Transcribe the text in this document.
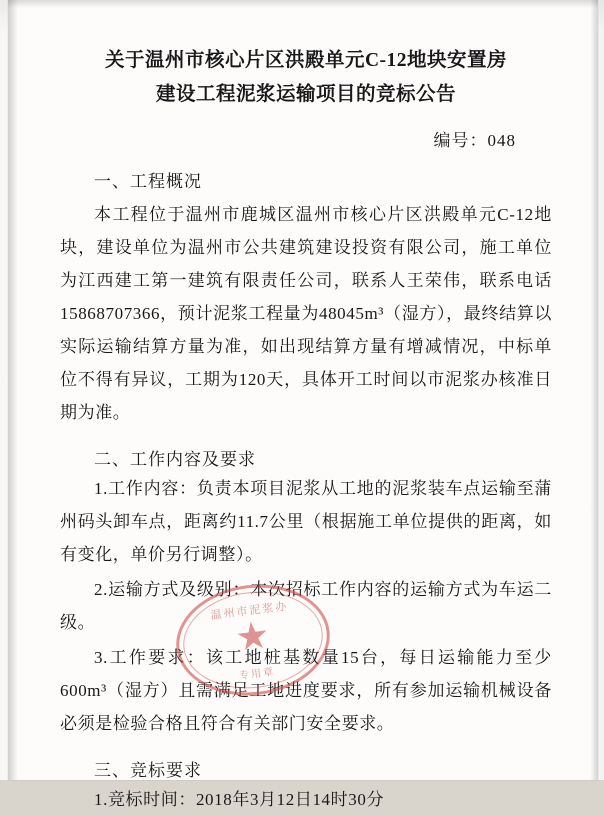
关于温州市核心片区洪殿单元C-12地块安置房
建设工程泥浆运输项目的竞标公告
编号：048
一、工程概况

本工程位于温州市鹿城区温州市核心片区洪殿单元C-12地块，建设单位为温州市公共建筑建设投资有限公司，施工单位为江西建工第一建筑有限责任公司，联系人王荣伟，联系电话15868707366，预计泥浆工程量为48045m³（湿方），最终结算以实际运输结算方量为准，如出现结算方量有增减情况，中标单位不得有异议，工期为120天，具体开工时间以市泥浆办核准日期为准。

二、工作内容及要求

1.工作内容：负责本项目泥浆从工地的泥浆装车点运输至蒲州码头卸车点，距离约11.7公里（根据施工单位提供的距离，如有变化，单价另行调整）。

2.运输方式及级别：本次招标工作内容的运输方式为车运二级。

3.工作要求：该工地桩基数量15台，每日运输能力至少600m³（湿方）且需满足工地进度要求，所有参加运输机械设备必须是检验合格且符合有关部门安全要求。

三、竞标要求

1.竞标时间：2018年3月12日14时30分

温州市泥浆办
★
专用章
